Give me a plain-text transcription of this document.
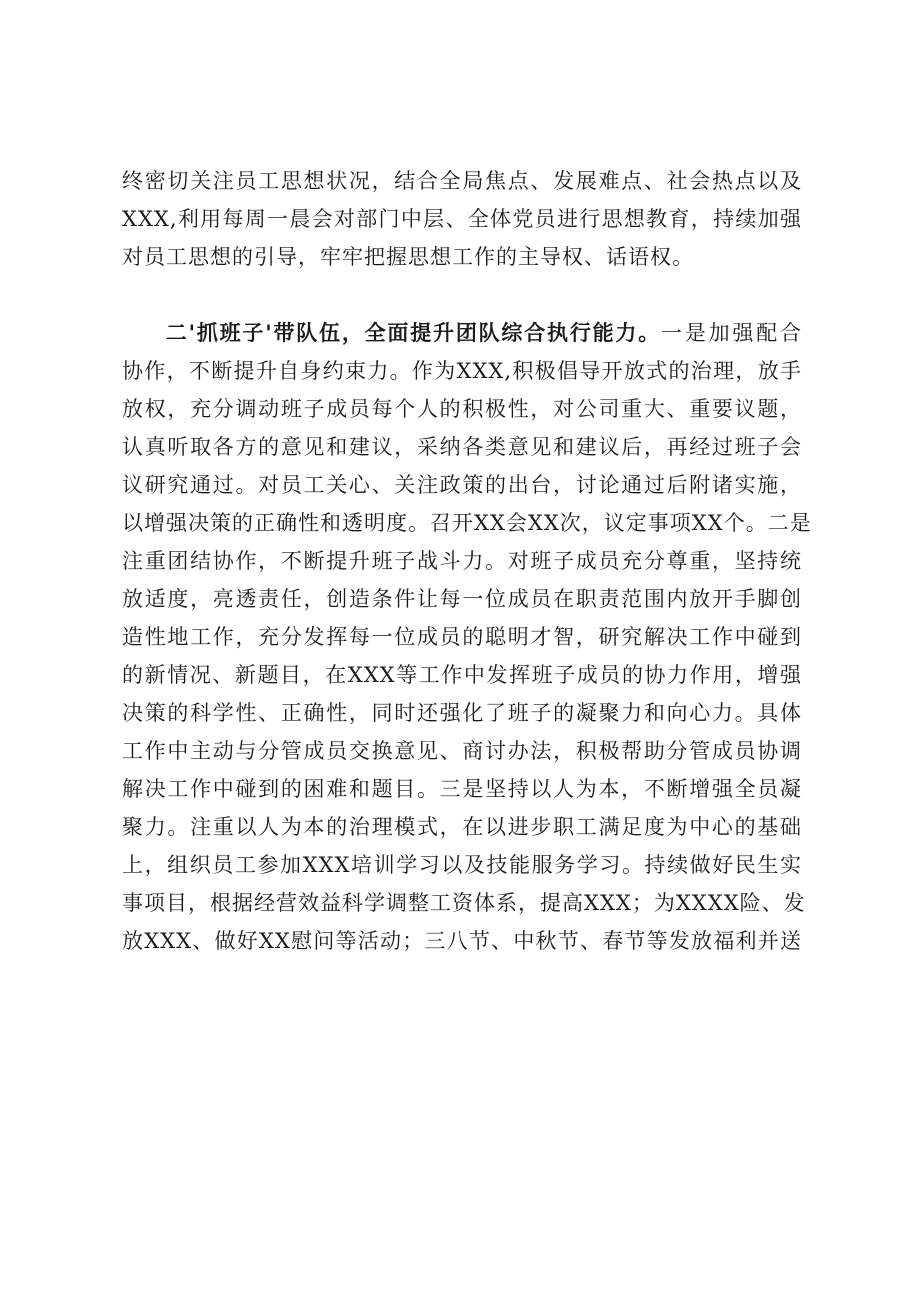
终密切关注员工思想状况，结合全局焦点、发展难点、社会热点以及
XXX,利用每周一晨会对部门中层、全体党员进行思想教育，持续加强
对员工思想的引导，牢牢把握思想工作的主导权、话语权。
二'抓班子'带队伍，全面提升团队综合执行能力。一是加强配合
协作，不断提升自身约束力。作为XXX,积极倡导开放式的治理，放手
放权，充分调动班子成员每个人的积极性，对公司重大、重要议题，
认真听取各方的意见和建议，采纳各类意见和建议后，再经过班子会
议研究通过。对员工关心、关注政策的出台，讨论通过后附诸实施，
以增强决策的正确性和透明度。召开XX会XX次，议定事项XX个。二是
注重团结协作，不断提升班子战斗力。对班子成员充分尊重，坚持统
放适度，亮透责任，创造条件让每一位成员在职责范围内放开手脚创
造性地工作，充分发挥每一位成员的聪明才智，研究解决工作中碰到
的新情况、新题目，在XXX等工作中发挥班子成员的协力作用，增强
决策的科学性、正确性，同时还强化了班子的凝聚力和向心力。具体
工作中主动与分管成员交换意见、商讨办法，积极帮助分管成员协调
解决工作中碰到的困难和题目。三是坚持以人为本，不断增强全员凝
聚力。注重以人为本的治理模式，在以进步职工满足度为中心的基础
上，组织员工参加XXX培训学习以及技能服务学习。持续做好民生实
事项目，根据经营效益科学调整工资体系，提高XXX；为XXXX险、发
放XXX、做好XX慰问等活动；三八节、中秋节、春节等发放福利并送
